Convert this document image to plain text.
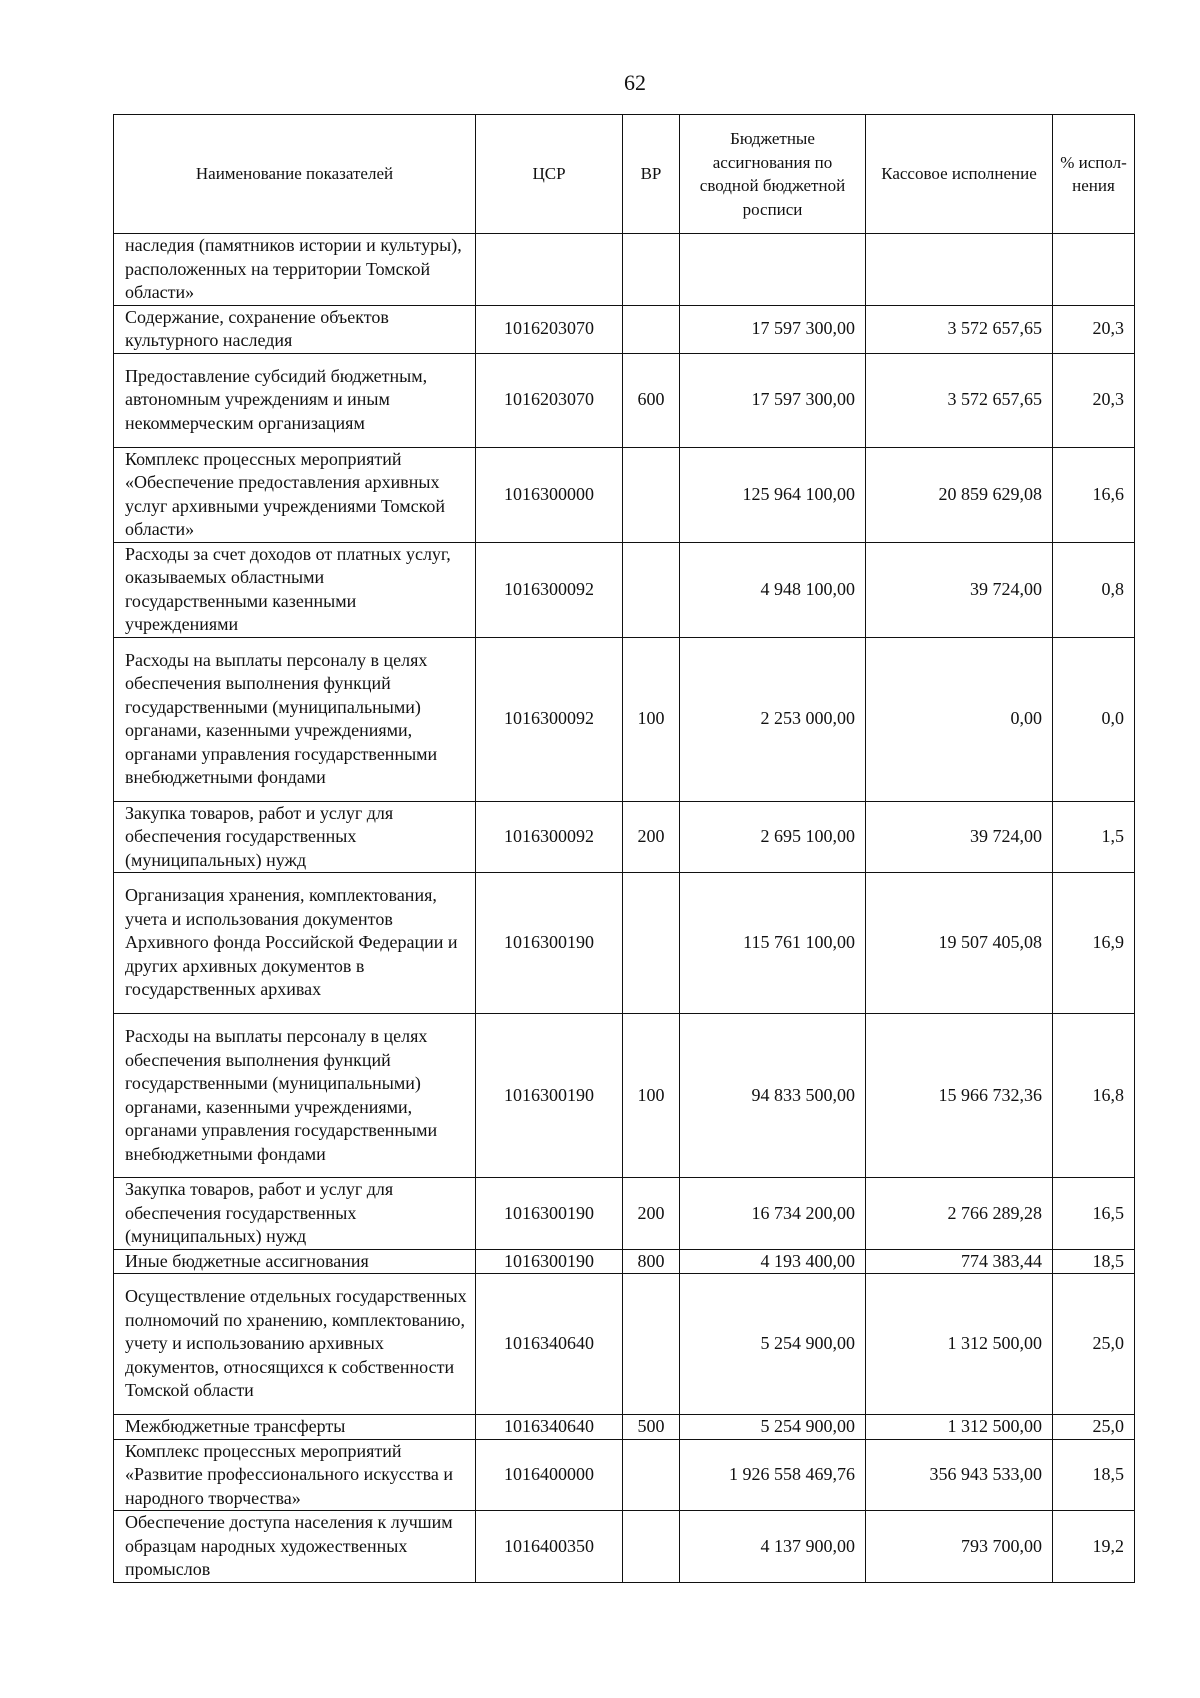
62
Наименование показателей	ЦСР	ВР	Бюджетные ассигнования по сводной бюджетной росписи	Кассовое исполнение	% испол-нения
наследия (памятников истории и культуры), расположенных на территории Томской области»					
Содержание, сохранение объектов культурного наследия	1016203070		17 597 300,00	3 572 657,65	20,3
Предоставление субсидий бюджетным, автономным учреждениям и иным некоммерческим организациям	1016203070	600	17 597 300,00	3 572 657,65	20,3
Комплекс процессных мероприятий «Обеспечение предоставления архивных услуг архивными учреждениями Томской области»	1016300000		125 964 100,00	20 859 629,08	16,6
Расходы за счет доходов от платных услуг, оказываемых областными государственными казенными учреждениями	1016300092		4 948 100,00	39 724,00	0,8
Расходы на выплаты персоналу в целях обеспечения выполнения функций государственными (муниципальными) органами, казенными учреждениями, органами управления государственными внебюджетными фондами	1016300092	100	2 253 000,00	0,00	0,0
Закупка товаров, работ и услуг для обеспечения государственных (муниципальных) нужд	1016300092	200	2 695 100,00	39 724,00	1,5
Организация хранения, комплектования, учета и использования документов Архивного фонда Российской Федерации и других архивных документов в государственных архивах	1016300190		115 761 100,00	19 507 405,08	16,9
Расходы на выплаты персоналу в целях обеспечения выполнения функций государственными (муниципальными) органами, казенными учреждениями, органами управления государственными внебюджетными фондами	1016300190	100	94 833 500,00	15 966 732,36	16,8
Закупка товаров, работ и услуг для обеспечения государственных (муниципальных) нужд	1016300190	200	16 734 200,00	2 766 289,28	16,5
Иные бюджетные ассигнования	1016300190	800	4 193 400,00	774 383,44	18,5
Осуществление отдельных государственных полномочий по хранению, комплектованию, учету и использованию архивных документов, относящихся к собственности Томской области	1016340640		5 254 900,00	1 312 500,00	25,0
Межбюджетные трансферты	1016340640	500	5 254 900,00	1 312 500,00	25,0
Комплекс процессных мероприятий «Развитие профессионального искусства и народного творчества»	1016400000		1 926 558 469,76	356 943 533,00	18,5
Обеспечение доступа населения к лучшим образцам народных художественных промыслов	1016400350		4 137 900,00	793 700,00	19,2
